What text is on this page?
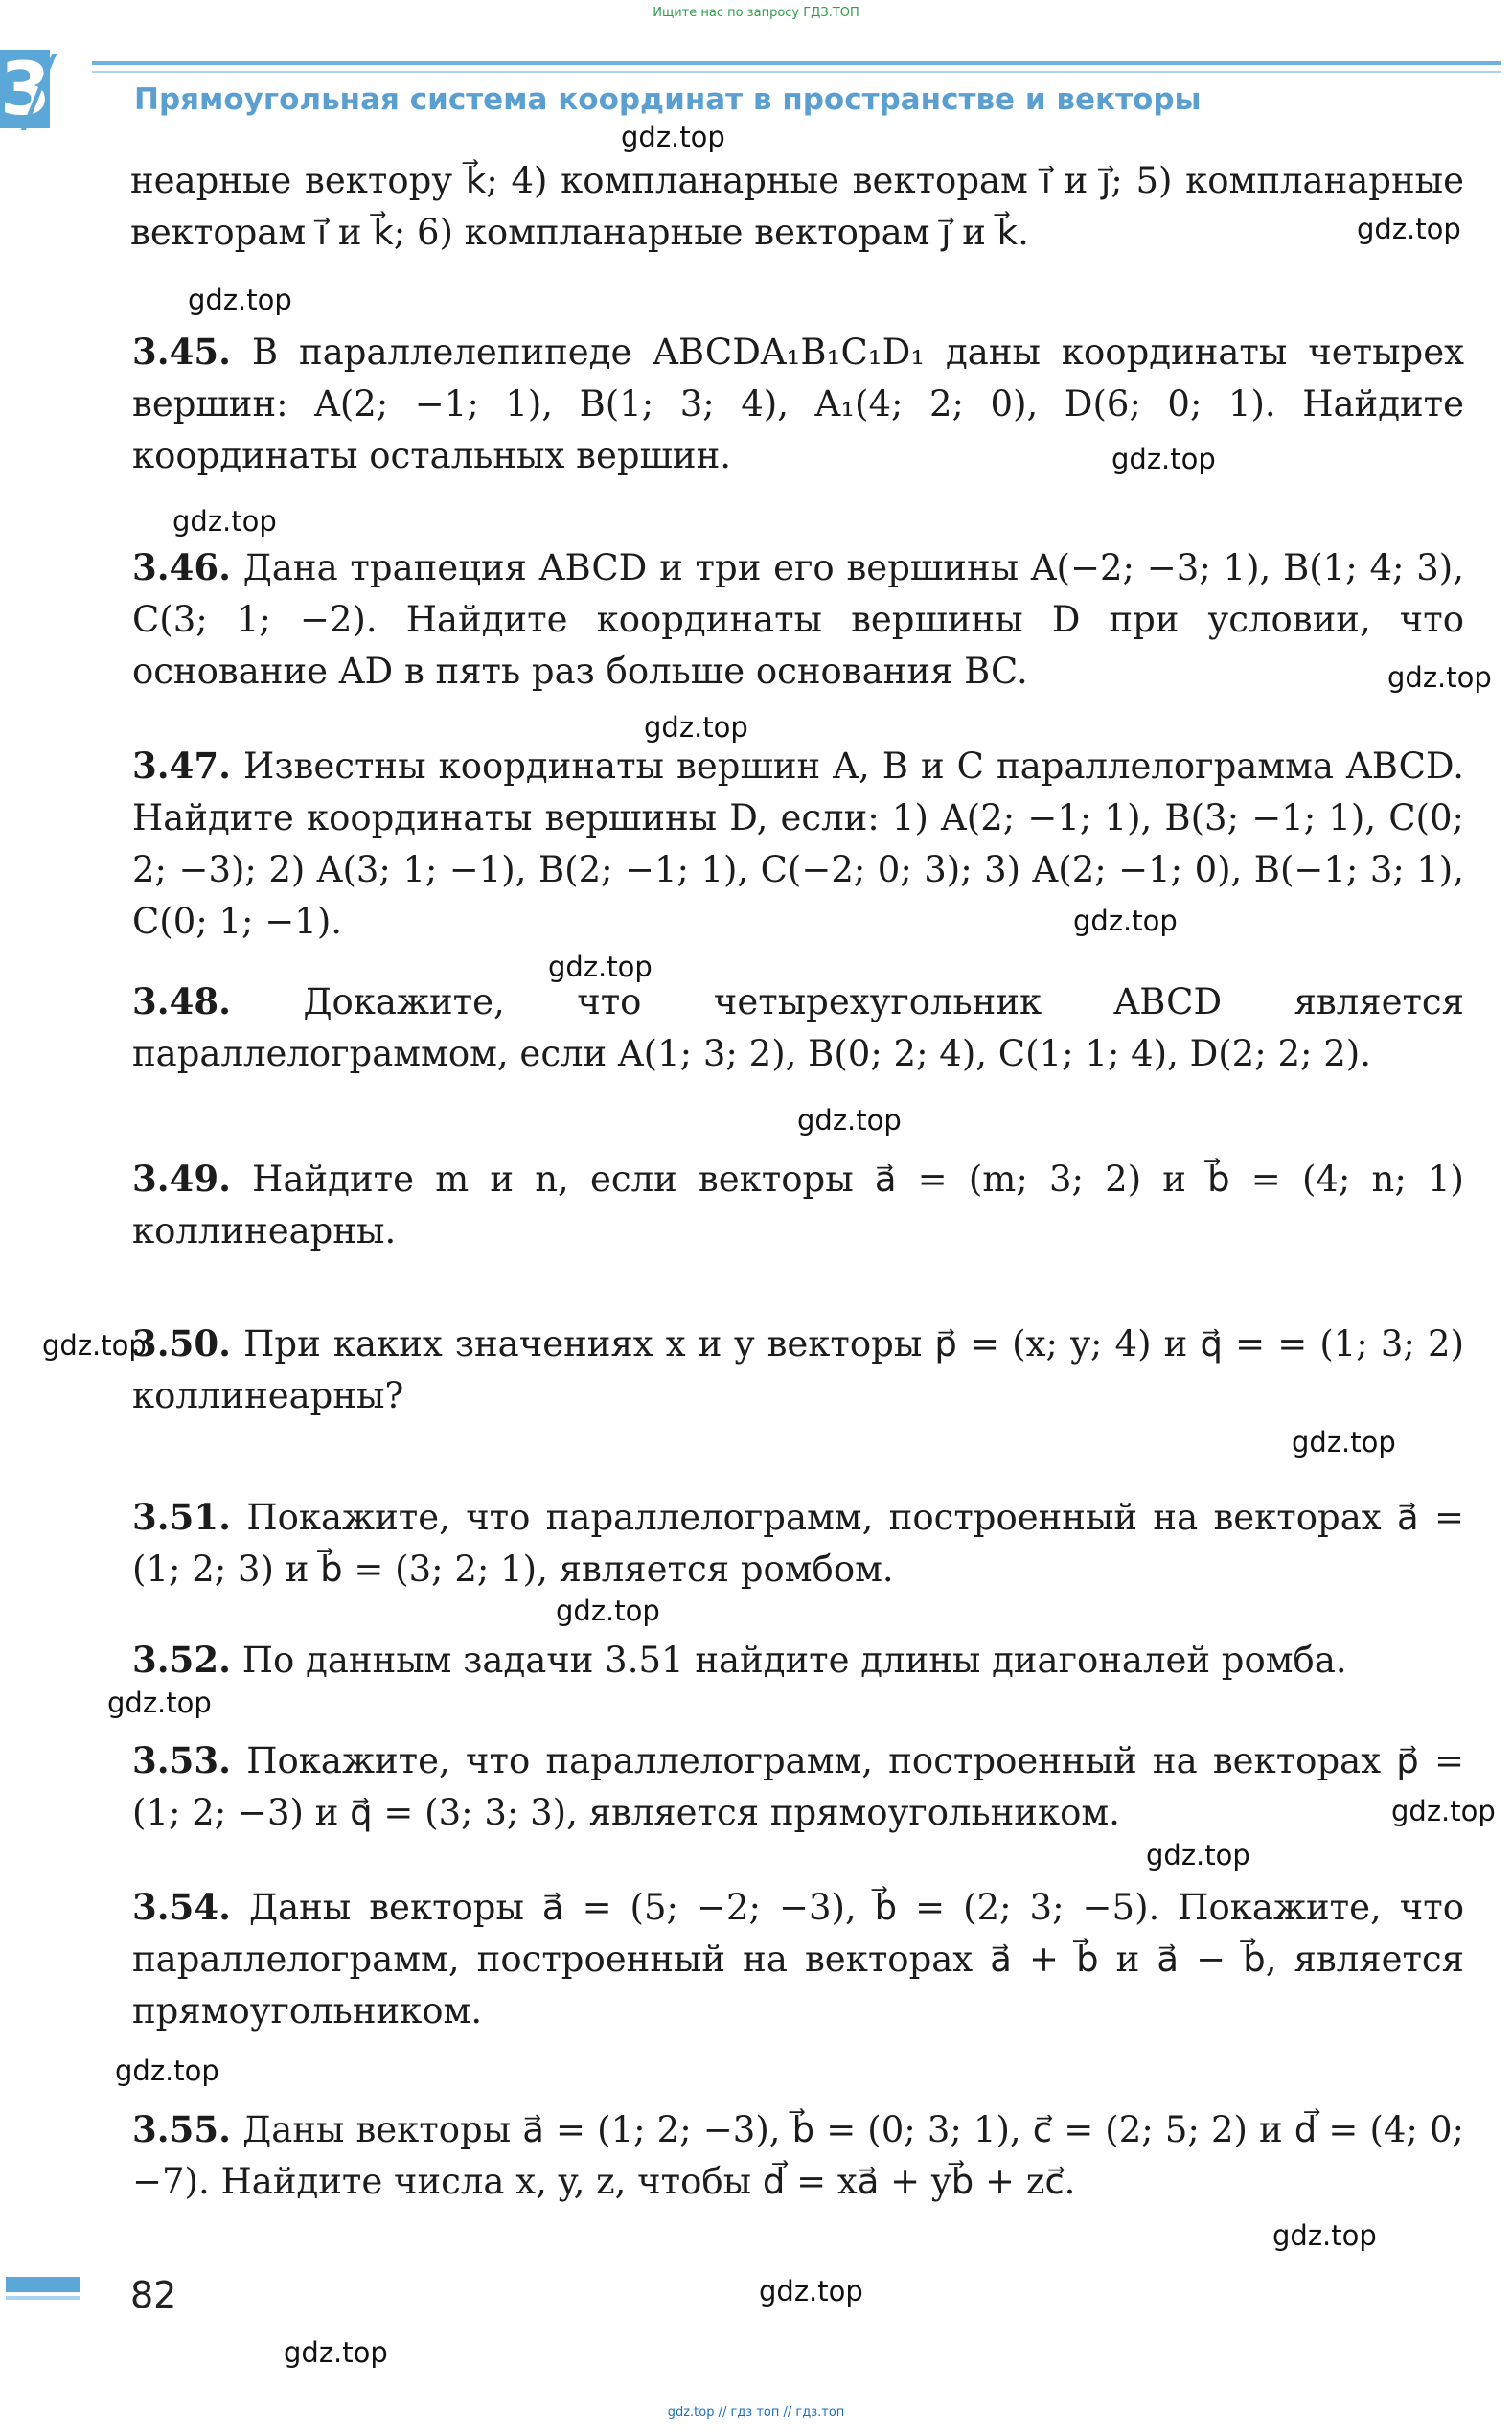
Ищите нас по запросу ГДЗ.ТОП
3	Прямоугольная система координат в пространстве и векторы

неарные вектору k⃗; 4) компланарные векторам i⃗ и j⃗; 5) компланарные векторам i⃗ и k⃗; 6) компланарные векторам j⃗ и k⃗.

3.45. В параллелепипеде ABCDA₁B₁C₁D₁ даны координаты четырех вершин: A(2; −1; 1), B(1; 3; 4), A₁(4; 2; 0), D(6; 0; 1). Найдите координаты остальных вершин.

3.46. Дана трапеция ABCD и три его вершины A(−2; −3; 1), B(1; 4; 3), C(3; 1; −2). Найдите координаты вершины D при условии, что основание AD в пять раз больше основания BC.

3.47. Известны координаты вершин A, B и C параллелограмма ABCD. Найдите координаты вершины D, если: 1) A(2; −1; 1), B(3; −1; 1), C(0; 2; −3); 2) A(3; 1; −1), B(2; −1; 1), C(−2; 0; 3); 3) A(2; −1; 0), B(−1; 3; 1), C(0; 1; −1).

3.48. Докажите, что четырехугольник ABCD является параллелограммом, если A(1; 3; 2), B(0; 2; 4), C(1; 1; 4), D(2; 2; 2).

3.49. Найдите m и n, если векторы a⃗ = (m; 3; 2) и b⃗ = (4; n; 1) коллинеарны.

3.50. При каких значениях x и y векторы p⃗ = (x; y; 4) и q⃗ = = (1; 3; 2) коллинеарны?

3.51. Покажите, что параллелограмм, построенный на векторах a⃗ = (1; 2; 3) и b⃗ = (3; 2; 1), является ромбом.

3.52. По данным задачи 3.51 найдите длины диагоналей ромба.

3.53. Покажите, что параллелограмм, построенный на векторах p⃗ = (1; 2; −3) и q⃗ = (3; 3; 3), является прямоугольником.

3.54. Даны векторы a⃗ = (5; −2; −3), b⃗ = (2; 3; −5). Покажите, что параллелограмм, построенный на векторах a⃗ + b⃗ и a⃗ − b⃗, является прямоугольником.

3.55. Даны векторы a⃗ = (1; 2; −3), b⃗ = (0; 3; 1), c⃗ = (2; 5; 2) и d⃗ = (4; 0; −7). Найдите числа x, y, z, чтобы d⃗ = xa⃗ + yb⃗ + zc⃗.

gdz.top
gdz.top
gdz.top
gdz.top
gdz.top
gdz.top
gdz.top
gdz.top
gdz.top
gdz.top
gdz.top
gdz.top
gdz.top
gdz.top
gdz.top
gdz.top
gdz.top
gdz.top
gdz.top
gdz.top
82
gdz.top // гдз топ // гдз.топ
